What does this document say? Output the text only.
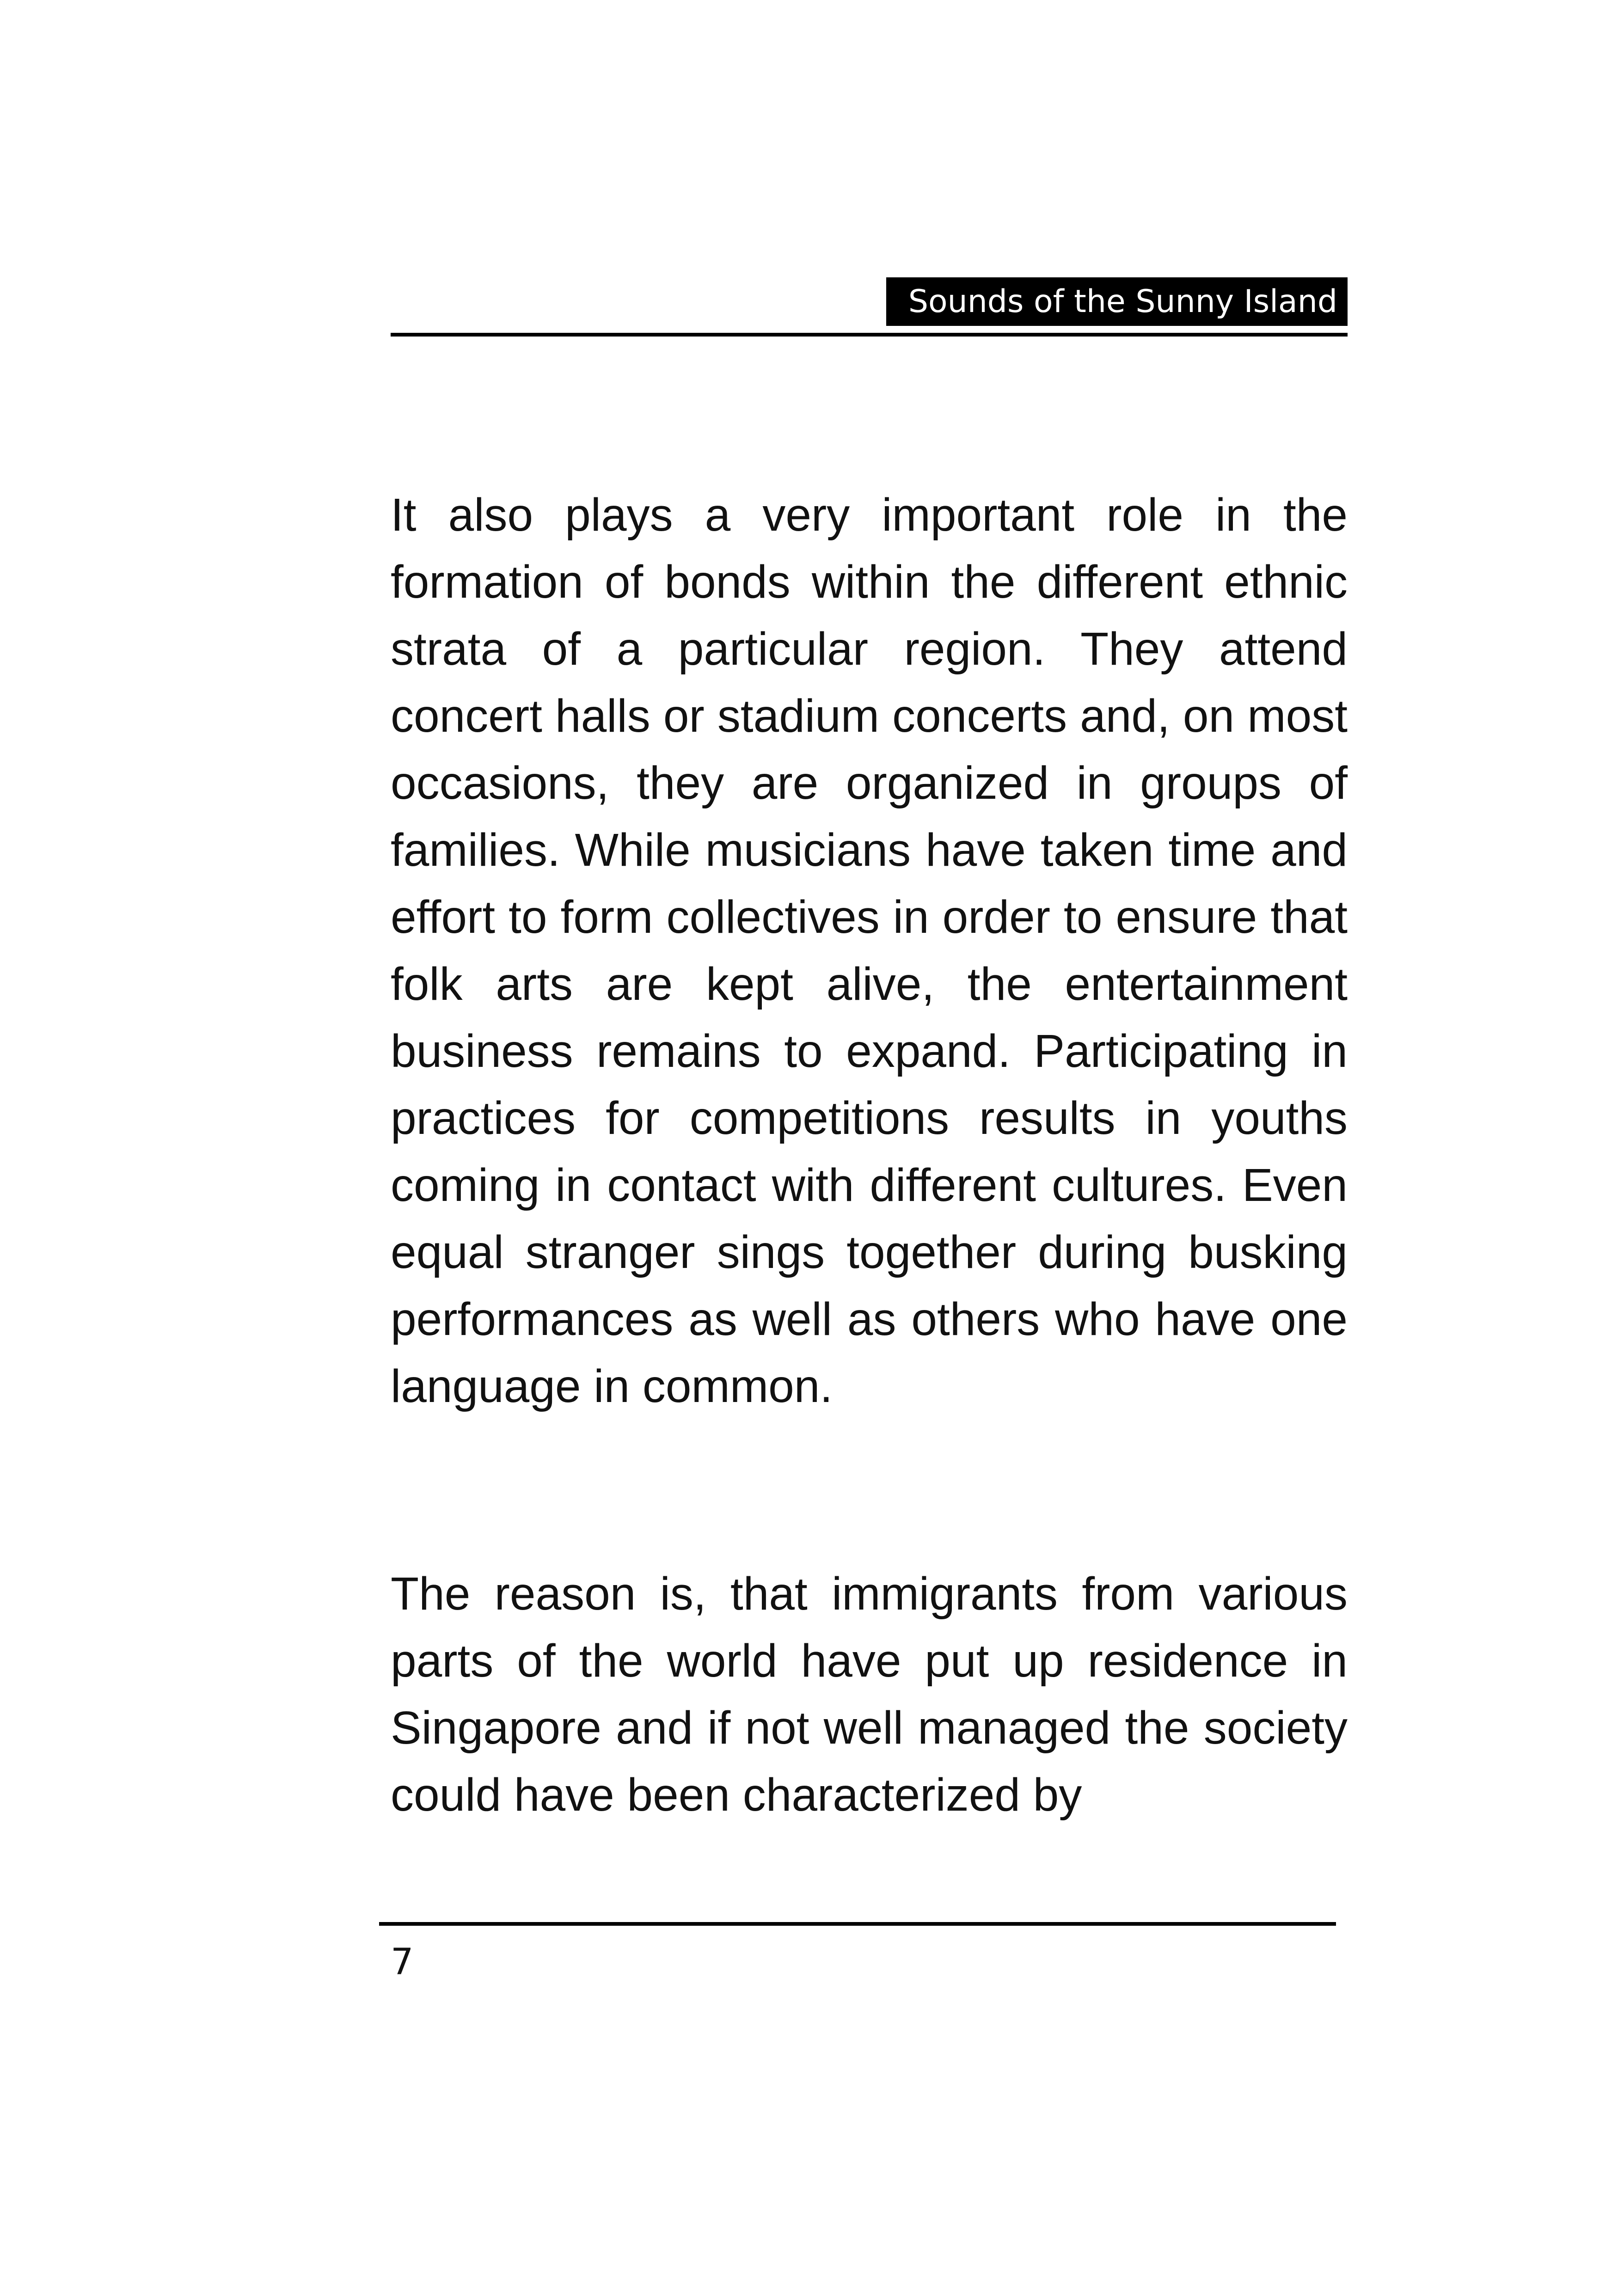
Sounds of the Sunny Island

It also plays a very important role in the formation of bonds within the different ethnic strata of a particular region. They attend concert halls or stadium concerts and, on most occasions, they are organized in groups of families. While musicians have taken time and effort to form collectives in order to ensure that folk arts are kept alive, the entertainment business remains to expand. Participating in practices for competitions results in youths coming in contact with different cultures. Even equal stranger sings together during busking performances as well as others who have one language in common.

The reason is, that immigrants from various parts of the world have put up residence in Singapore and if not well managed the society could have been characterized by

7
